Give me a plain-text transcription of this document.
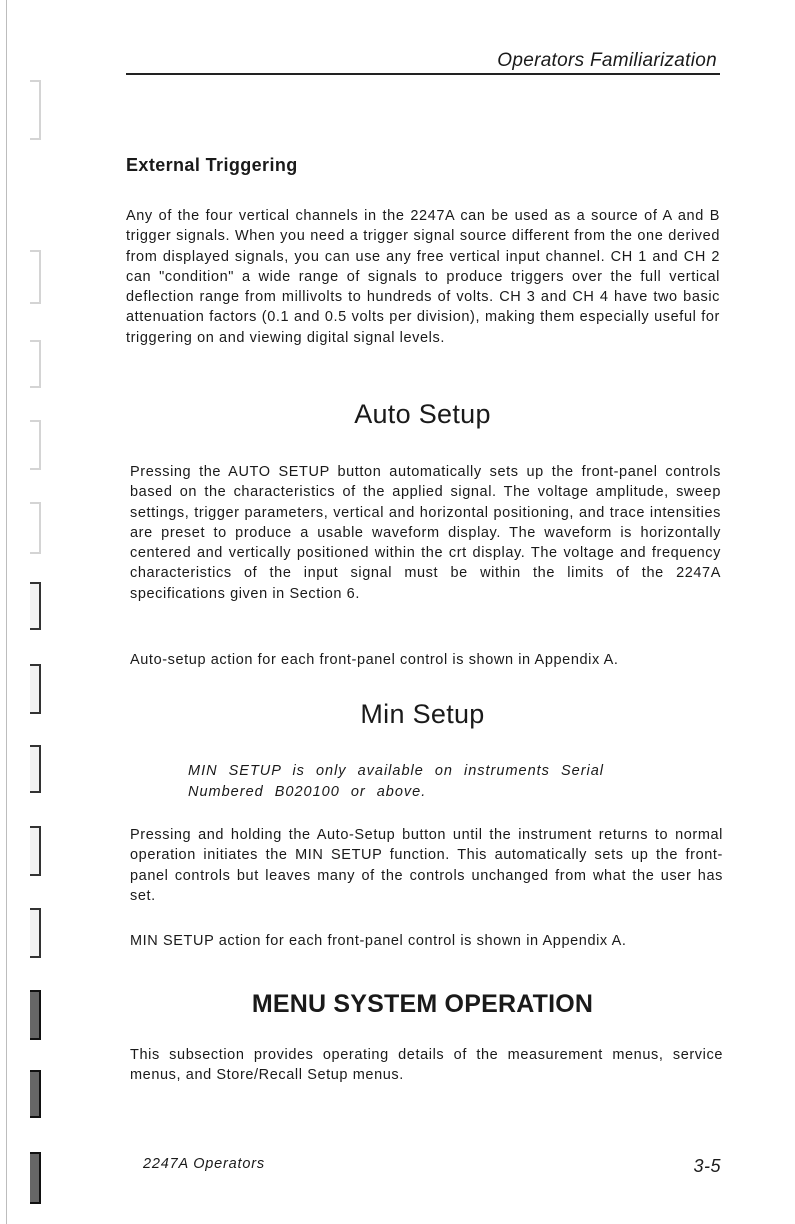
Operators Familiarization
External Triggering
Any of the four vertical channels in the 2247A can be used as a source of A and B trigger signals. When you need a trigger signal source different from the one derived from displayed signals, you can use any free vertical input channel. CH 1 and CH 2 can "condition" a wide range of signals to produce triggers over the full vertical deflection range from millivolts to hundreds of volts. CH 3 and CH 4 have two basic attenuation factors (0.1 and 0.5 volts per division), making them especially useful for triggering on and viewing digital signal levels.
Auto Setup
Pressing the AUTO SETUP button automatically sets up the front-panel controls based on the characteristics of the applied signal. The voltage amplitude, sweep settings, trigger parameters, vertical and horizontal positioning, and trace intensities are preset to produce a usable waveform display. The waveform is horizontally centered and vertically positioned within the crt display. The voltage and frequency characteristics of the input signal must be within the limits of the 2247A specifications given in Section 6.
Auto-setup action for each front-panel control is shown in Appendix A.
Min Setup
MIN SETUP is only available on instruments Serial Numbered B020100 or above.
Pressing and holding the Auto-Setup button until the instrument returns to normal operation initiates the MIN SETUP function. This automatically sets up the front-panel controls but leaves many of the controls unchanged from what the user has set.
MIN SETUP action for each front-panel control is shown in Appendix A.
MENU SYSTEM OPERATION
This subsection provides operating details of the measurement menus, service menus, and Store/Recall Setup menus.
2247A Operators	3-5
